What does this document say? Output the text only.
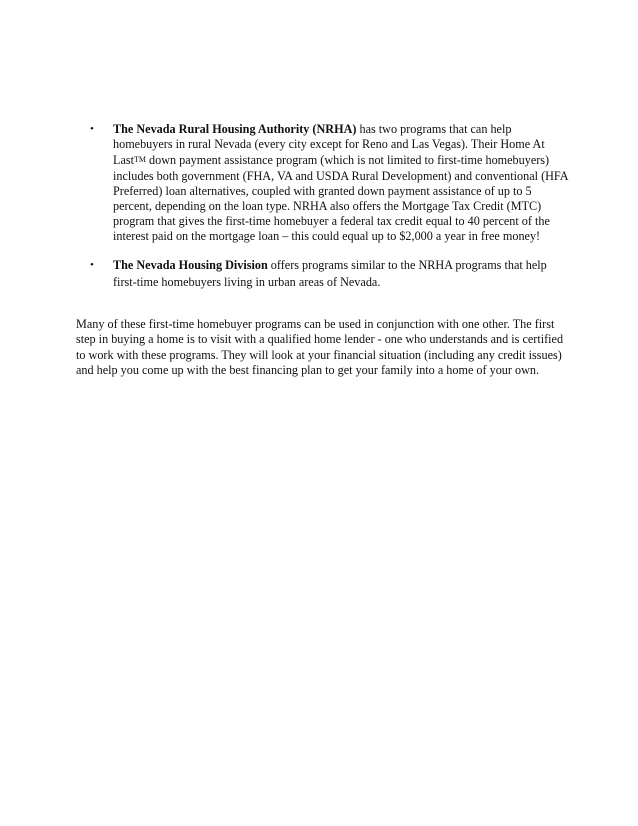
• The Nevada Rural Housing Authority (NRHA) has two programs that can help homebuyers in rural Nevada (every city except for Reno and Las Vegas). Their Home At LastTM down payment assistance program (which is not limited to first-time homebuyers) includes both government (FHA, VA and USDA Rural Development) and conventional (HFA Preferred) loan alternatives, coupled with granted down payment assistance of up to 5 percent, depending on the loan type. NRHA also offers the Mortgage Tax Credit (MTC) program that gives the first-time homebuyer a federal tax credit equal to 40 percent of the interest paid on the mortgage loan – this could equal up to $2,000 a year in free money!
• The Nevada Housing Division offers programs similar to the NRHA programs that help first-time homebuyers living in urban areas of Nevada.

Many of these first-time homebuyer programs can be used in conjunction with one other. The first step in buying a home is to visit with a qualified home lender - one who understands and is certified to work with these programs. They will look at your financial situation (including any credit issues) and help you come up with the best financing plan to get your family into a home of your own.
